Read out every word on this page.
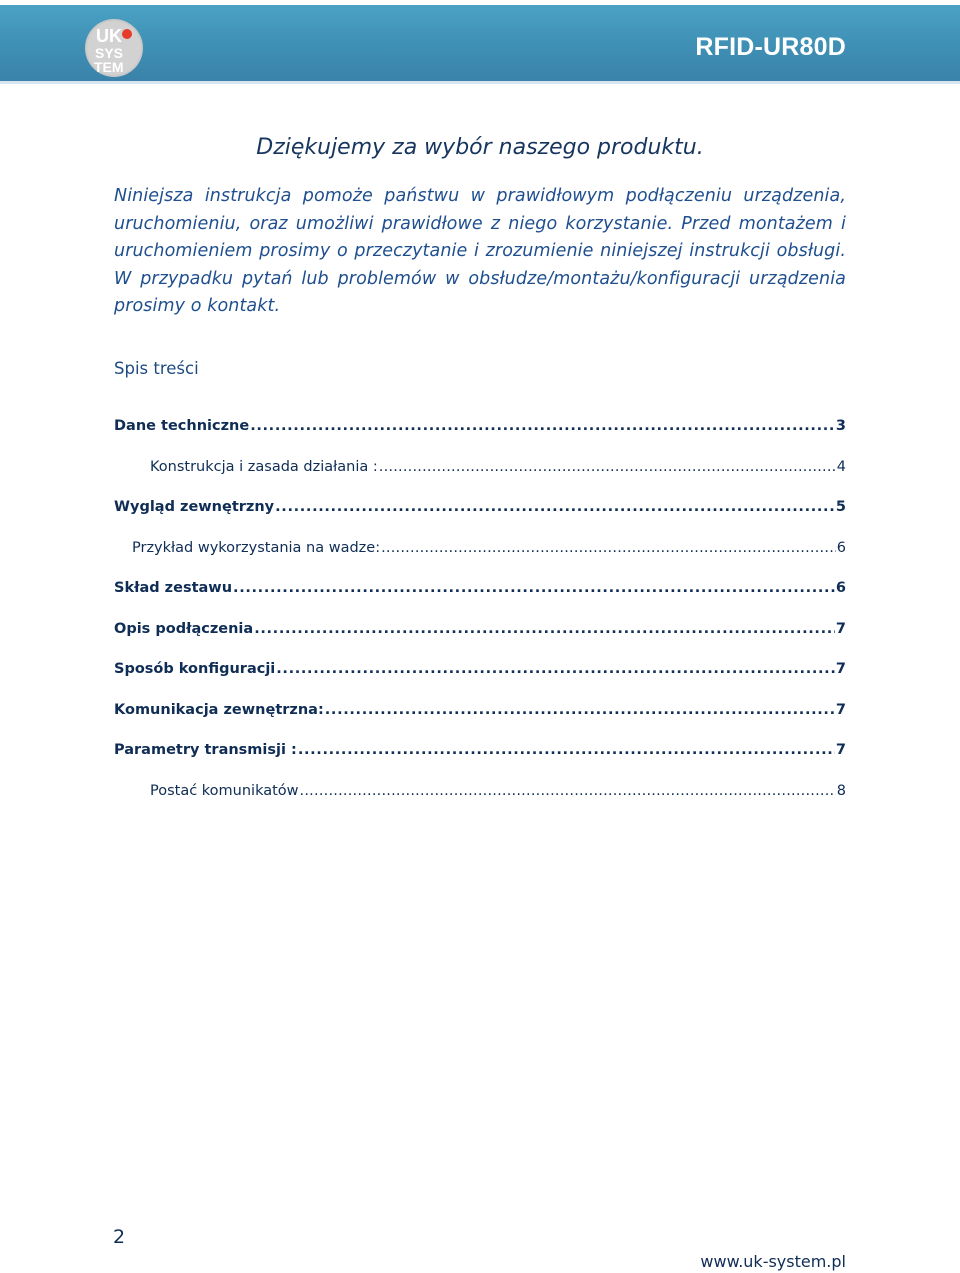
UK
SYS
TEM
RFID-UR80D
Dziękujemy za wybór naszego produktu.
Niniejsza instrukcja pomoże państwu w prawidłowym podłączeniu urządzenia, uruchomieniu, oraz umożliwi prawidłowe z niego korzystanie. Przed montażem i uruchomieniem prosimy o przeczytanie i zrozumienie niniejszej instrukcji obsługi. W przypadku pytań lub problemów w obsłudze/montażu/konfiguracji urządzenia prosimy o kontakt.
Spis treści
Dane techniczne . . .	3
Konstrukcja i zasada działania : . . .	4
Wygląd zewnętrzny . . .	5
Przykład wykorzystania na wadze: . . .	6
Skład zestawu . . .	6
Opis podłączenia . . .	7
Sposób konfiguracji . . .	7
Komunikacja zewnętrzna: . . .	7
Parametry transmisji : . . .	7
Postać komunikatów . . .	8
2
www.uk-system.pl
